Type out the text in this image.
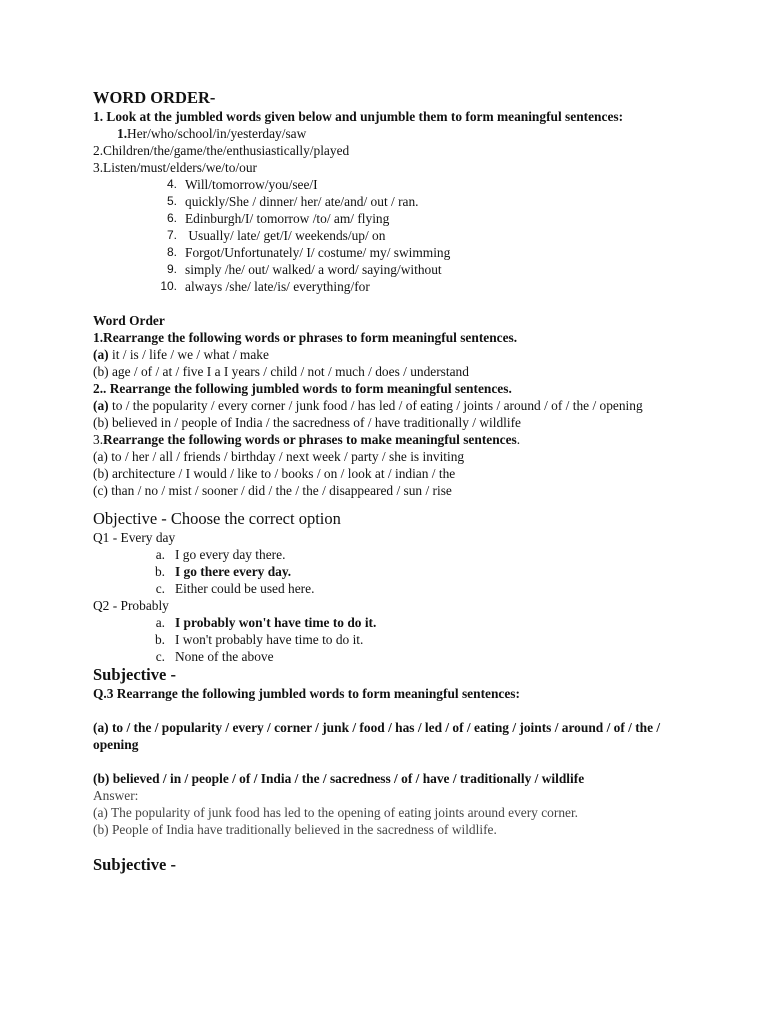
WORD ORDER-
1. Look at the jumbled words given below and unjumble them to form meaningful sentences:
1.Her/who/school/in/yesterday/saw
2.Children/the/game/the/enthusiastically/played
3.Listen/must/elders/we/to/our
4. Will/tomorrow/you/see/I
5. quickly/She / dinner/ her/ ate/and/ out / ran.
6. Edinburgh/I/ tomorrow /to/ am/ flying
7. Usually/ late/ get/I/ weekends/up/ on
8. Forgot/Unfortunately/ I/ costume/ my/ swimming
9. simply /he/ out/ walked/ a word/ saying/without
10. always /she/ late/is/ everything/for
Word Order
1.Rearrange the following words or phrases to form meaningful sentences.
(a) it / is / life / we / what / make
(b) age / of / at / five I a I years / child / not / much / does / understand
2.. Rearrange the following jumbled words to form meaningful sentences.
(a) to / the popularity / every corner / junk food / has led / of eating / joints / around / of / the / opening
(b) believed in / people of India / the sacredness of / have traditionally / wildlife
3.Rearrange the following words or phrases to make meaningful sentences.
(a) to / her / all / friends / birthday / next week / party / she is inviting
(b) architecture / I would / like to / books / on / look at / indian / the
(c) than / no / mist / sooner / did / the / the / disappeared / sun / rise
Objective - Choose the correct option
Q1 - Every day
a. I go every day there.
b. I go there every day.
c. Either could be used here.
Q2 - Probably
a. I probably won't have time to do it.
b. I won't probably have time to do it.
c. None of the above
Subjective -
Q.3 Rearrange the following jumbled words to form meaningful sentences:
(a) to / the / popularity / every / corner / junk / food / has / led / of / eating / joints / around / of / the / opening
(b) believed / in / people / of / India / the / sacredness / of / have / traditionally / wildlife
Answer:
(a) The popularity of junk food has led to the opening of eating joints around every corner.
(b) People of India have traditionally believed in the sacredness of wildlife.
Subjective -
